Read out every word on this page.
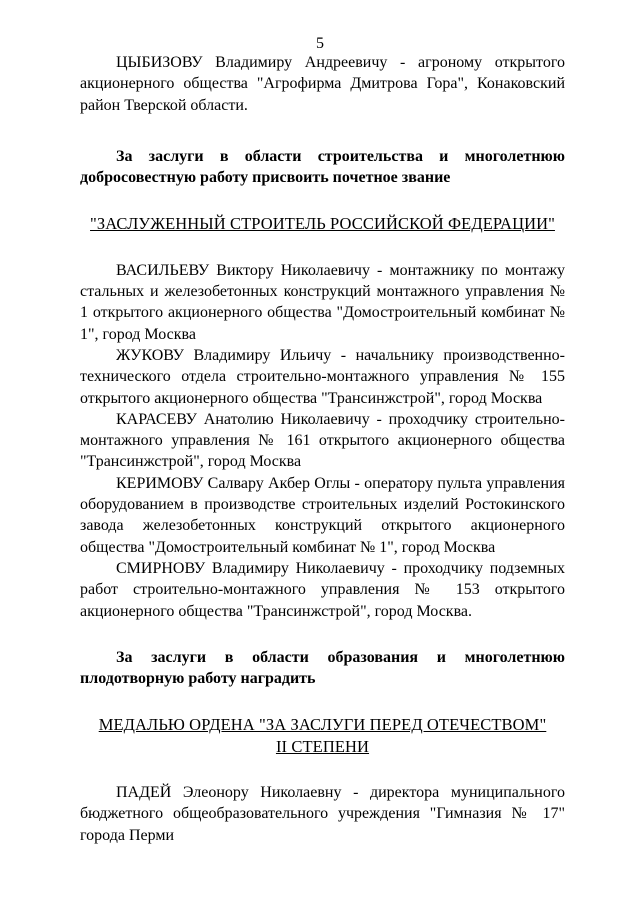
5

ЦЫБИЗОВУ Владимиру Андреевичу - агроному открытого акционерного общества "Агрофирма Дмитрова Гора", Конаковский район Тверской области.

За заслуги в области строительства и многолетнюю добросовестную работу присвоить почетное звание

"ЗАСЛУЖЕННЫЙ СТРОИТЕЛЬ РОССИЙСКОЙ ФЕДЕРАЦИИ"

ВАСИЛЬЕВУ Виктору Николаевичу - монтажнику по монтажу стальных и железобетонных конструкций монтажного управления № 1 открытого акционерного общества "Домостроительный комбинат № 1", город Москва

ЖУКОВУ Владимиру Ильичу - начальнику производственно-технического отдела строительно-монтажного управления № 155 открытого акционерного общества "Трансинжстрой", город Москва

КАРАСЕВУ Анатолию Николаевичу - проходчику строительно-монтажного управления № 161 открытого акционерного общества "Трансинжстрой", город Москва

КЕРИМОВУ Салвару Акбер Оглы - оператору пульта управления оборудованием в производстве строительных изделий Ростокинского завода железобетонных конструкций открытого акционерного общества "Домостроительный комбинат № 1", город Москва

СМИРНОВУ Владимиру Николаевичу - проходчику подземных работ строительно-монтажного управления № 153 открытого акционерного общества "Трансинжстрой", город Москва.

За заслуги в области образования и многолетнюю плодотворную работу наградить

МЕДАЛЬЮ ОРДЕНА "ЗА ЗАСЛУГИ ПЕРЕД ОТЕЧЕСТВОМ"

II СТЕПЕНИ

ПАДЕЙ Элеонору Николаевну - директора муниципального бюджетного общеобразовательного учреждения "Гимназия № 17" города Перми
